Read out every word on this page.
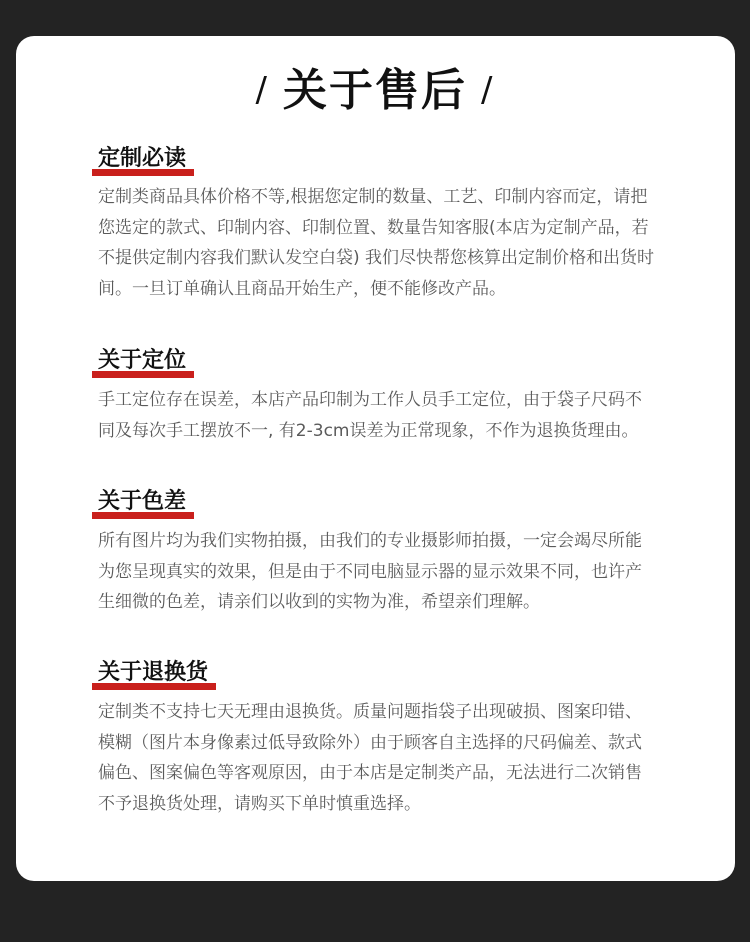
/ 关于售后 /
定制必读

定制类商品具体价格不等,根据您定制的数量、工艺、印制内容而定，请把您选定的款式、印制内容、印制位置、数量告知客服(本店为定制产品，若不提供定制内容我们默认发空白袋) 我们尽快帮您核算出定制价格和出货时间。一旦订单确认且商品开始生产，便不能修改产品。

关于定位

手工定位存在误差，本店产品印制为工作人员手工定位，由于袋子尺码不同及每次手工摆放不一, 有2-3cm误差为正常现象，不作为退换货理由。

关于色差

所有图片均为我们实物拍摄，由我们的专业摄影师拍摄，一定会竭尽所能为您呈现真实的效果，但是由于不同电脑显示器的显示效果不同，也许产生细微的色差，请亲们以收到的实物为准，希望亲们理解。

关于退换货

定制类不支持七天无理由退换货。质量问题指袋子出现破损、图案印错、模糊（图片本身像素过低导致除外）由于顾客自主选择的尺码偏差、款式偏色、图案偏色等客观原因，由于本店是定制类产品，无法进行二次销售不予退换货处理，请购买下单时慎重选择。
